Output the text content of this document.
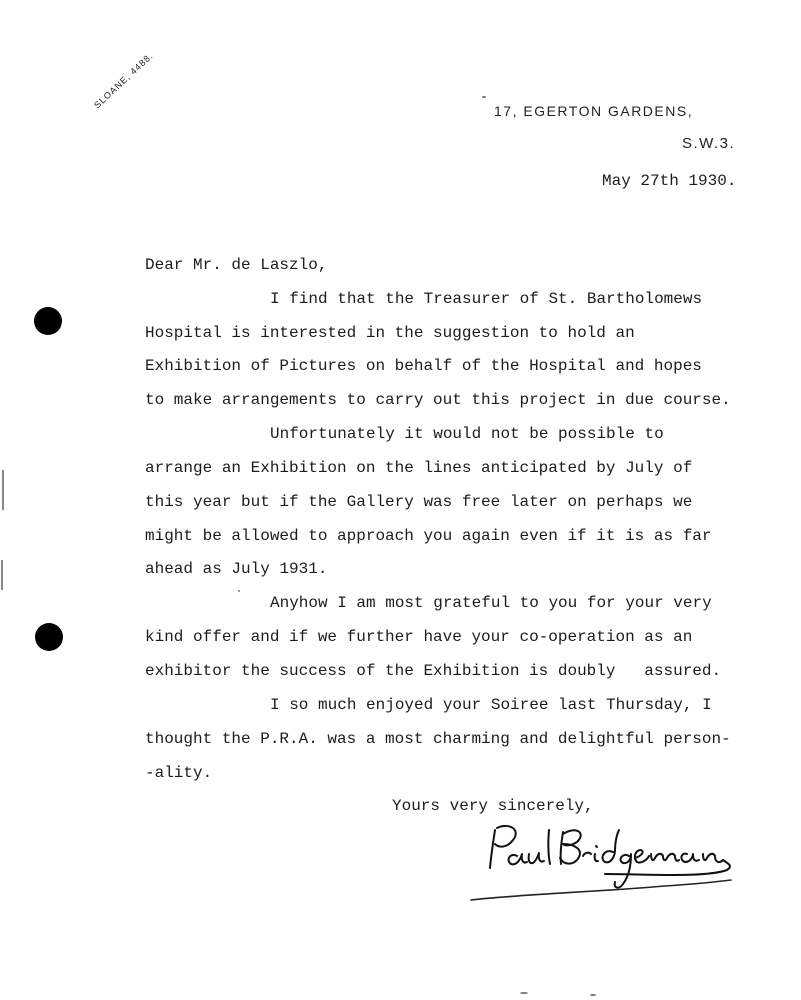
SLOANE, 4488.
17, EGERTON GARDENS,
S.W.3.
May 27th 1930.
Dear Mr. de Laszlo,
I find that the Treasurer of St. Bartholomews
Hospital is interested in the suggestion to hold an
Exhibition of Pictures on behalf of the Hospital and hopes
to make arrangements to carry out this project in due course.
Unfortunately it would not be possible to
arrange an Exhibition on the lines anticipated by July of
this year but if the Gallery was free later on perhaps we
might be allowed to approach you again even if it is as far
ahead as July 1931.
Anyhow I am most grateful to you for your very
kind offer and if we further have your co-operation as an
exhibitor the success of the Exhibition is doubly   assured.
I so much enjoyed your Soiree last Thursday, I
thought the P.R.A. was a most charming and delightful person-
-ality.
Yours very sincerely,
